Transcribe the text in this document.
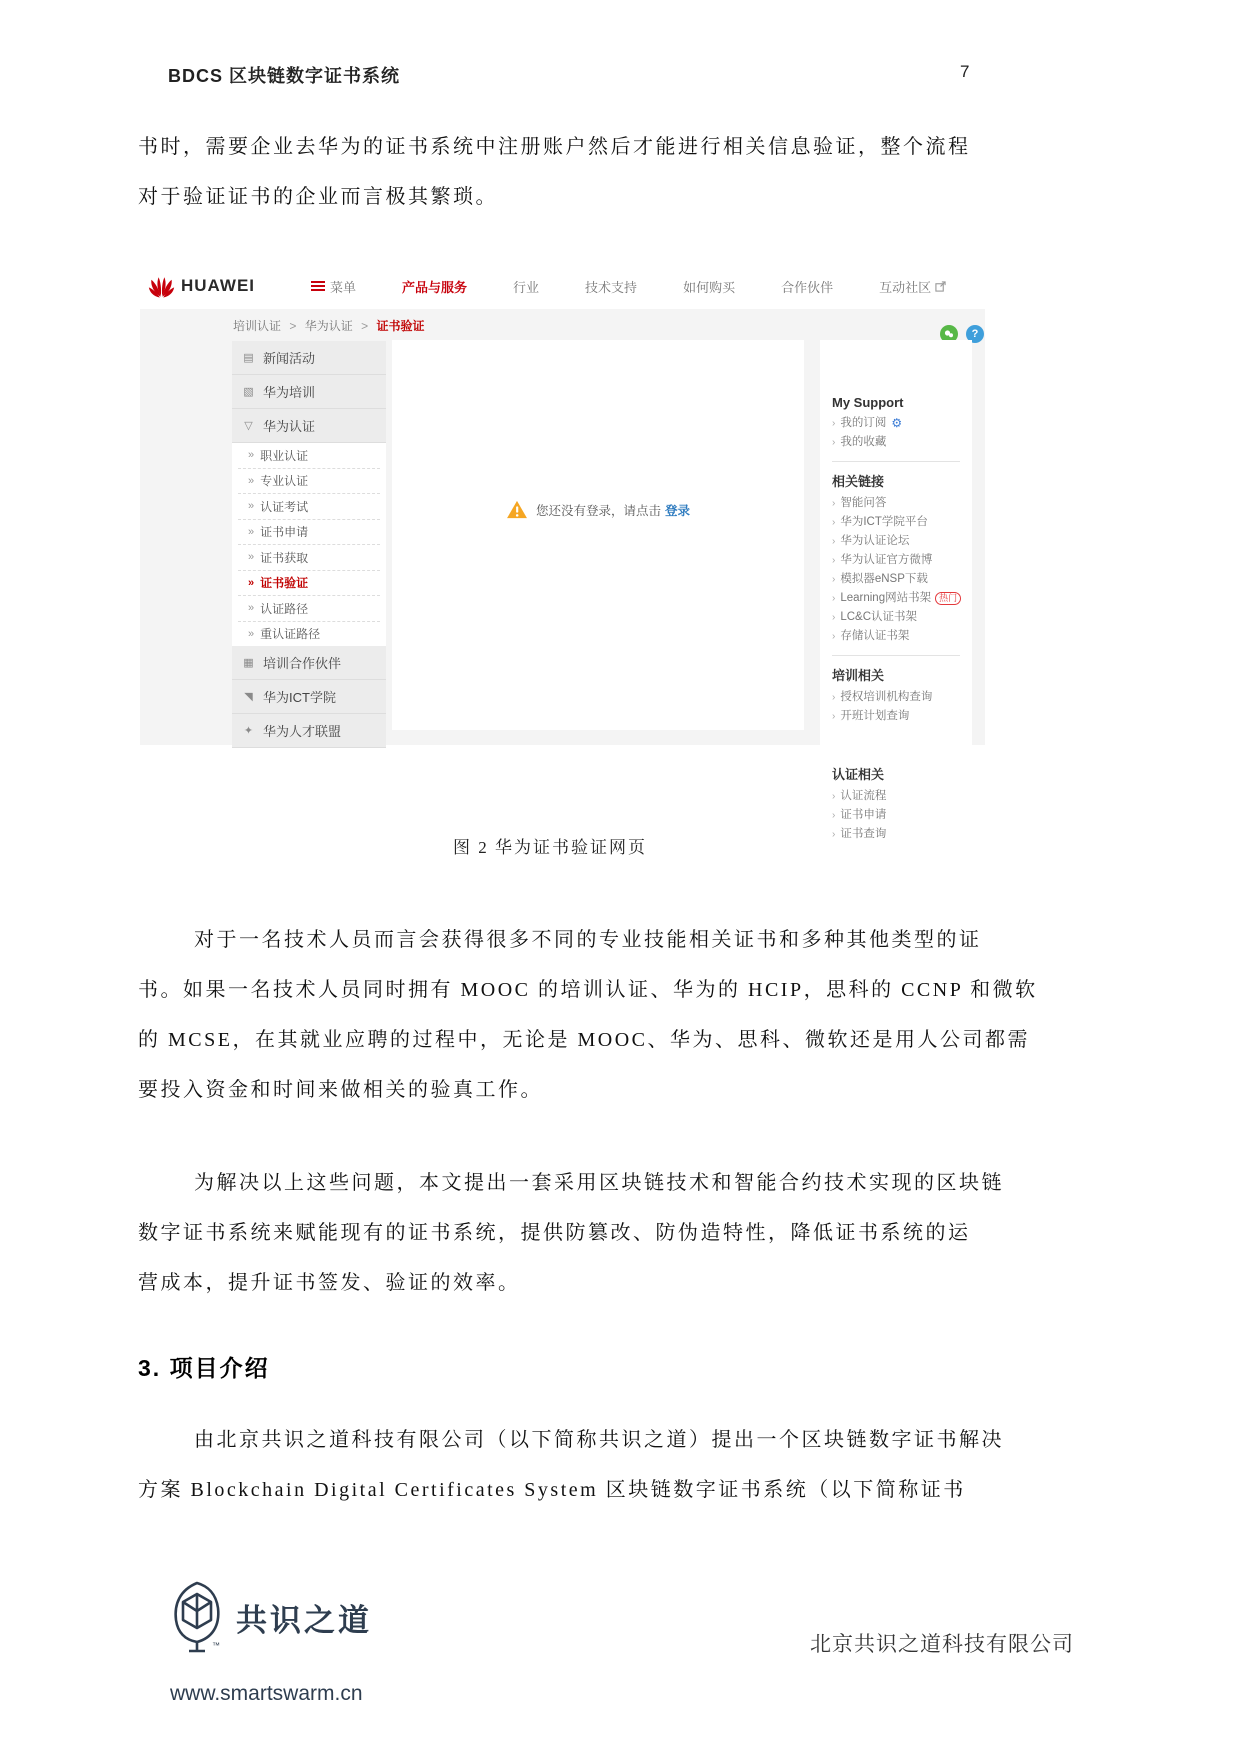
BDCS 区块链数字证书系统	7
书时，需要企业去华为的证书系统中注册账户然后才能进行相关信息验证，整个流程
对于验证证书的企业而言极其繁琐。
HUAWEI	菜单	产品与服务	行业	技术支持	如何购买	合作伙伴	互动社区
培训认证 > 华为认证 > 证书验证
?
▤ 新闻活动
▧ 华为培训
▽ 华为认证
» 职业认证
» 专业认证
» 认证考试
» 证书申请
» 证书获取
» 证书验证
» 认证路径
» 重认证路径
▦ 培训合作伙伴
◥ 华为ICT学院
✦ 华为人才联盟
您还没有登录，请点击 登录
My Support
› 我的订阅 ⚙
› 我的收藏
相关链接
› 智能问答
› 华为ICT学院平台
› 华为认证论坛
› 华为认证官方微博
› 模拟器eNSP下载
› Learning网站书架 热门
› LC&C认证书架
› 存储认证书架
培训相关
› 授权培训机构查询
› 开班计划查询
认证相关
› 认证流程
› 证书申请
› 证书查询
图 2 华为证书验证网页
对于一名技术人员而言会获得很多不同的专业技能相关证书和多种其他类型的证
书。如果一名技术人员同时拥有 MOOC 的培训认证、华为的 HCIP，思科的 CCNP 和微软
的 MCSE，在其就业应聘的过程中，无论是 MOOC、华为、思科、微软还是用人公司都需
要投入资金和时间来做相关的验真工作。
为解决以上这些问题，本文提出一套采用区块链技术和智能合约技术实现的区块链
数字证书系统来赋能现有的证书系统，提供防篡改、防伪造特性，降低证书系统的运
营成本，提升证书签发、验证的效率。
3. 项目介绍
由北京共识之道科技有限公司（以下简称共识之道）提出一个区块链数字证书解决
方案 Blockchain Digital Certificates System 区块链数字证书系统（以下简称证书
™
共识之道
www.smartswarm.cn
北京共识之道科技有限公司
